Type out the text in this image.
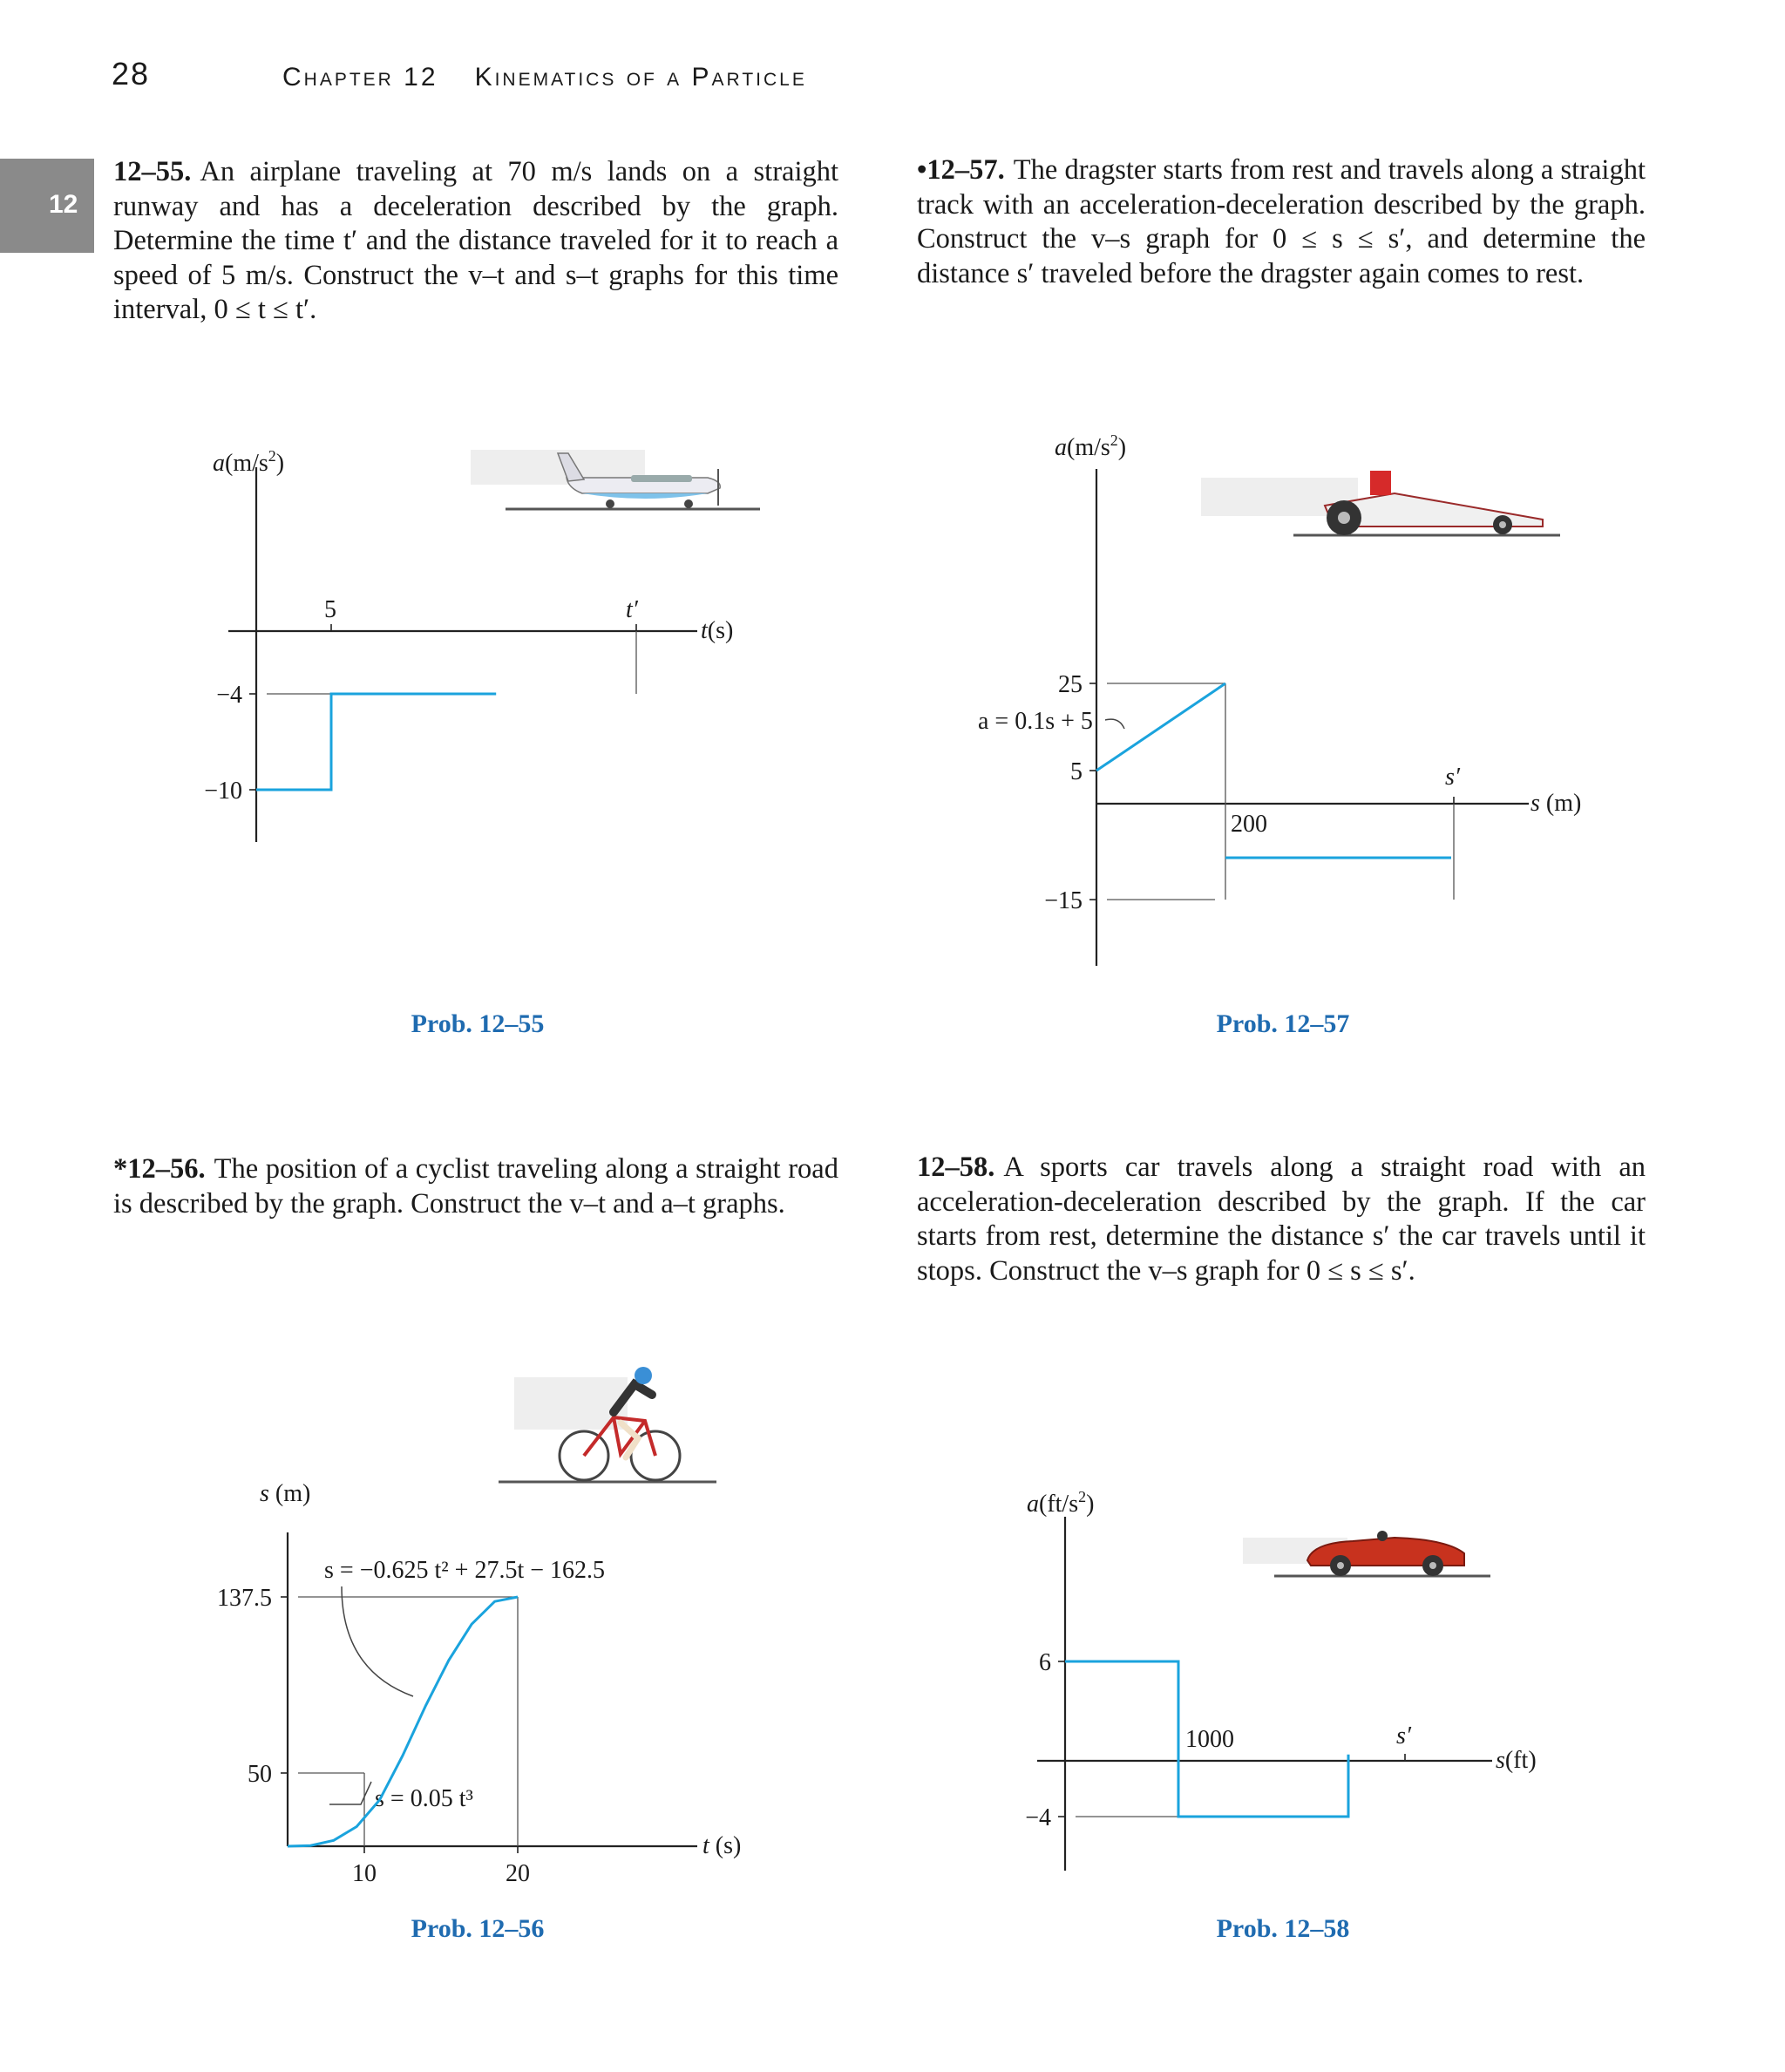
28	Chapter 12 Kinematics of a Particle
12
12–55. An airplane traveling at 70 m/s lands on a straight runway and has a deceleration described by the graph. Determine the time t′ and the distance traveled for it to reach a speed of 5 m/s. Construct the v–t and s–t graphs for this time interval, 0 ≤ t ≤ t′.
•12–57. The dragster starts from rest and travels along a straight track with an acceleration-deceleration described by the graph. Construct the v–s graph for 0 ≤ s ≤ s′, and determine the distance s′ traveled before the dragster again comes to rest.
*12–56. The position of a cyclist traveling along a straight road is described by the graph. Construct the v–t and a–t graphs.
12–58. A sports car travels along a straight road with an acceleration-deceleration described by the graph. If the car starts from rest, determine the distance s′ the car travels until it stops. Construct the v–s graph for 0 ≤ s ≤ s′.
$a(m/s^2)$
t(s)
5	t′
−4
−10
$a(m/s^2)$
s (m)
200
s′
25
5
−15
a = 0.1s + 5
s (m)
t (s)
10	20
137.5
50
s = −0.625 t² + 27.5t − 162.5
s = 0.05 t³
$a(ft/s^2)$
s(ft)
1000	s′
6
−4
Prob. 12–55	Prob. 12–57
Prob. 12–56	Prob. 12–58
